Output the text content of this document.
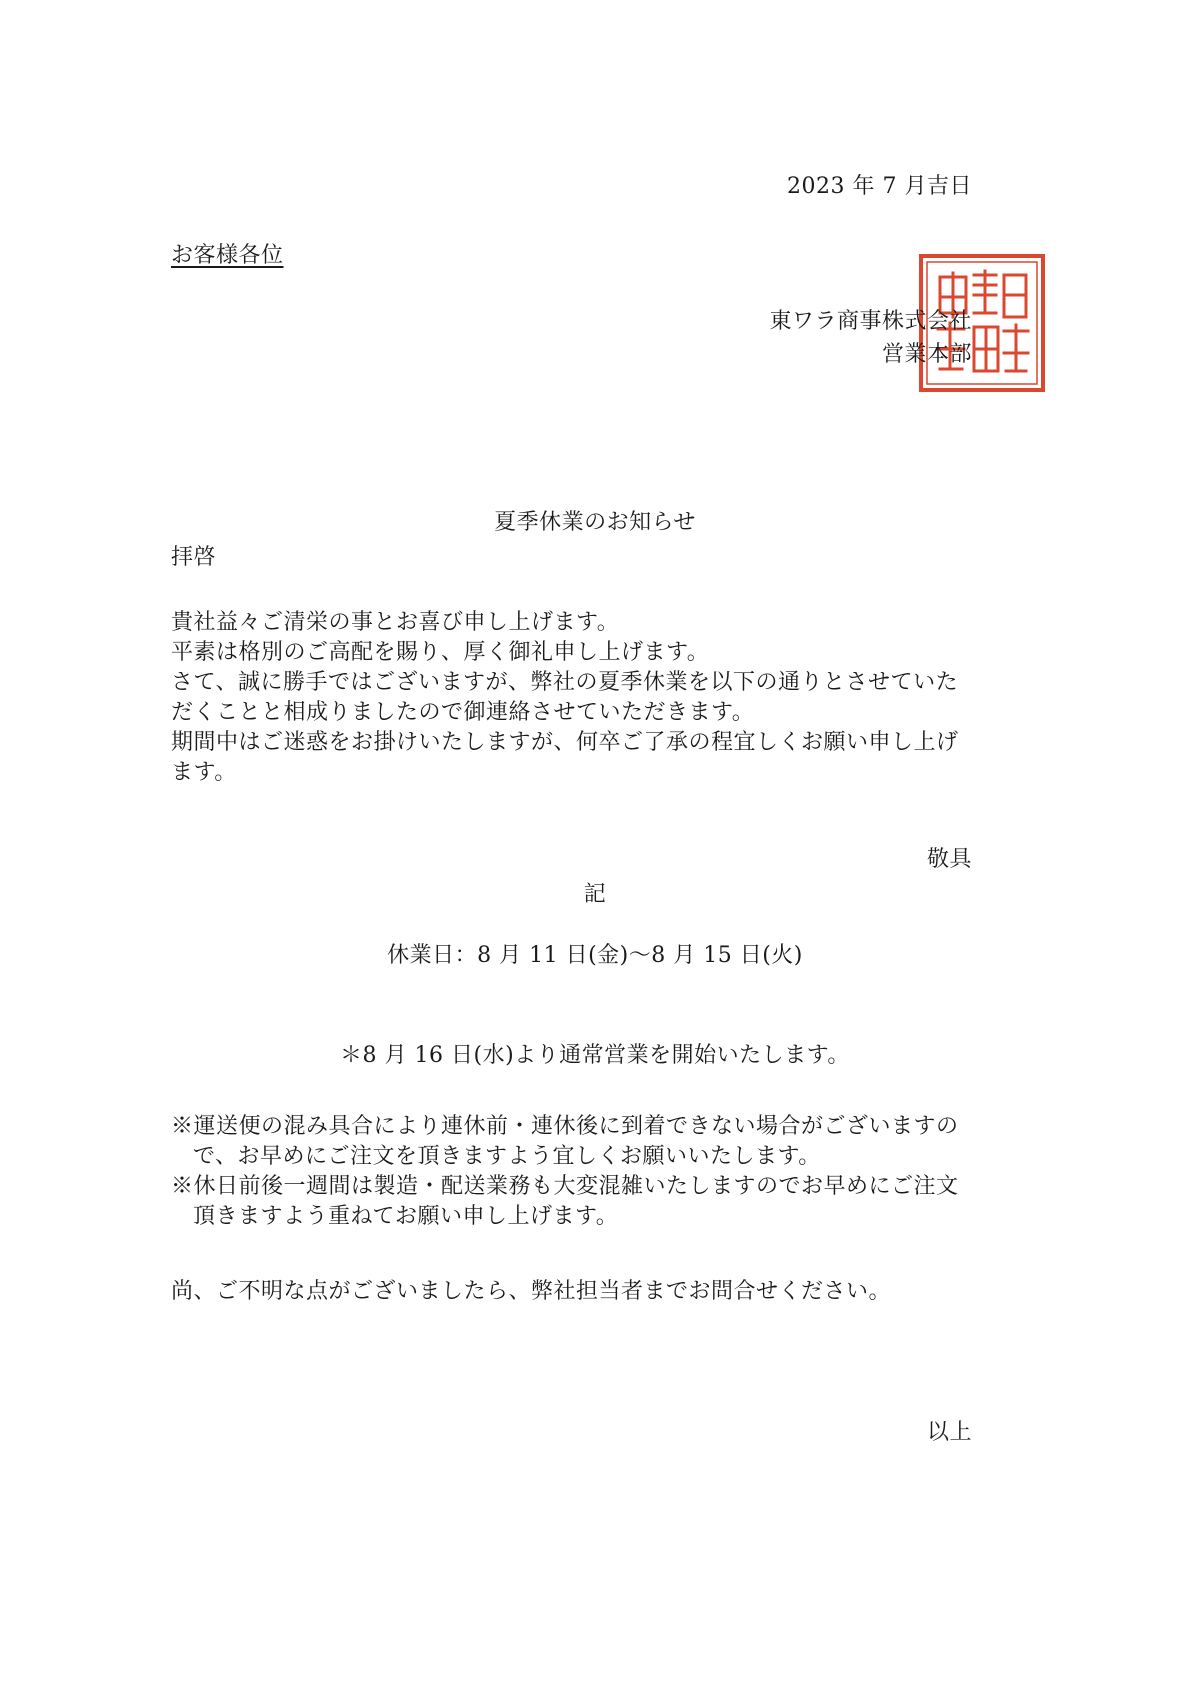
2023 年 7 月吉日
お客様各位
東ワラ商事株式会社
営業本部
夏季休業のお知らせ
拝啓
貴社益々ご清栄の事とお喜び申し上げます。
平素は格別のご高配を賜り、厚く御礼申し上げます。
さて、誠に勝手ではございますが、弊社の夏季休業を以下の通りとさせていた
だくことと相成りましたので御連絡させていただきます。
期間中はご迷惑をお掛けいたしますが、何卒ご了承の程宜しくお願い申し上げ
ます。
敬具
記
休業日：8 月 11 日(金)～8 月 15 日(火)
＊8 月 16 日(水)より通常営業を開始いたします。
※運送便の混み具合により連休前・連休後に到着できない場合がございますの
で、お早めにご注文を頂きますよう宜しくお願いいたします。
※休日前後一週間は製造・配送業務も大変混雑いたしますのでお早めにご注文
頂きますよう重ねてお願い申し上げます。
尚、ご不明な点がございましたら、弊社担当者までお問合せください。
以上
